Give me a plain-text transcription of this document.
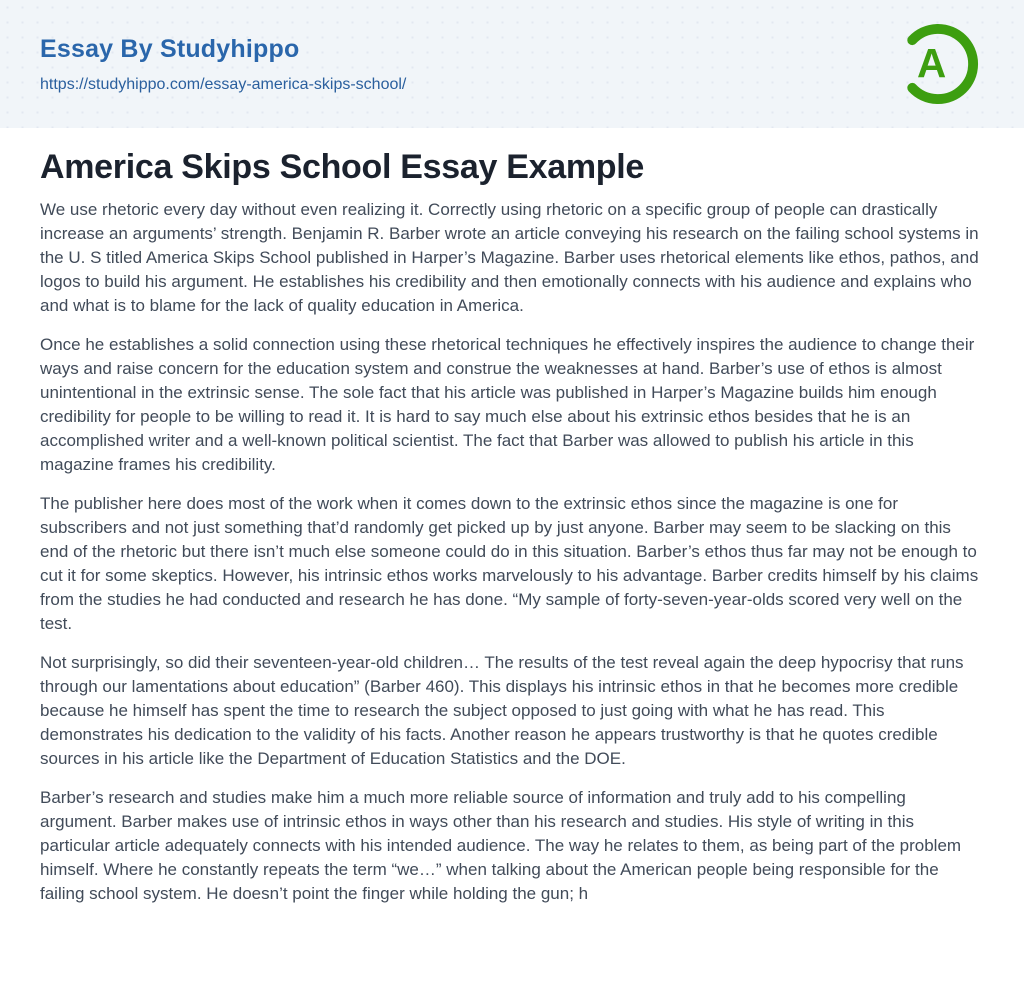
Essay By Studyhippo
https://studyhippo.com/essay-america-skips-school/	A
America Skips School Essay Example

We use rhetoric every day without even realizing it. Correctly using rhetoric on a specific group of people can drastically increase an arguments’ strength. Benjamin R. Barber wrote an article conveying his research on the failing school systems in the U. S titled America Skips School published in Harper’s Magazine. Barber uses rhetorical elements like ethos, pathos, and logos to build his argument. He establishes his credibility and then emotionally connects with his audience and explains who and what is to blame for the lack of quality education in America.

Once he establishes a solid connection using these rhetorical techniques he effectively inspires the audience to change their ways and raise concern for the education system and construe the weaknesses at hand. Barber’s use of ethos is almost unintentional in the extrinsic sense. The sole fact that his article was published in Harper’s Magazine builds him enough credibility for people to be willing to read it. It is hard to say much else about his extrinsic ethos besides that he is an accomplished writer and a well-known political scientist. The fact that Barber was allowed to publish his article in this magazine frames his credibility.

The publisher here does most of the work when it comes down to the extrinsic ethos since the magazine is one for subscribers and not just something that’d randomly get picked up by just anyone. Barber may seem to be slacking on this end of the rhetoric but there isn’t much else someone could do in this situation. Barber’s ethos thus far may not be enough to cut it for some skeptics. However, his intrinsic ethos works marvelously to his advantage. Barber credits himself by his claims from the studies he had conducted and research he has done. “My sample of forty-seven-year-olds scored very well on the test.

Not surprisingly, so did their seventeen-year-old children… The results of the test reveal again the deep hypocrisy that runs through our lamentations about education” (Barber 460). This displays his intrinsic ethos in that he becomes more credible because he himself has spent the time to research the subject opposed to just going with what he has read. This demonstrates his dedication to the validity of his facts. Another reason he appears trustworthy is that he quotes credible sources in his article like the Department of Education Statistics and the DOE.

Barber’s research and studies make him a much more reliable source of information and truly add to his compelling argument. Barber makes use of intrinsic ethos in ways other than his research and studies. His style of writing in this particular article adequately connects with his intended audience. The way he relates to them, as being part of the problem himself. Where he constantly repeats the term “we…” when talking about the American people being responsible for the failing school system. He doesn’t point the finger while holding the gun; h
